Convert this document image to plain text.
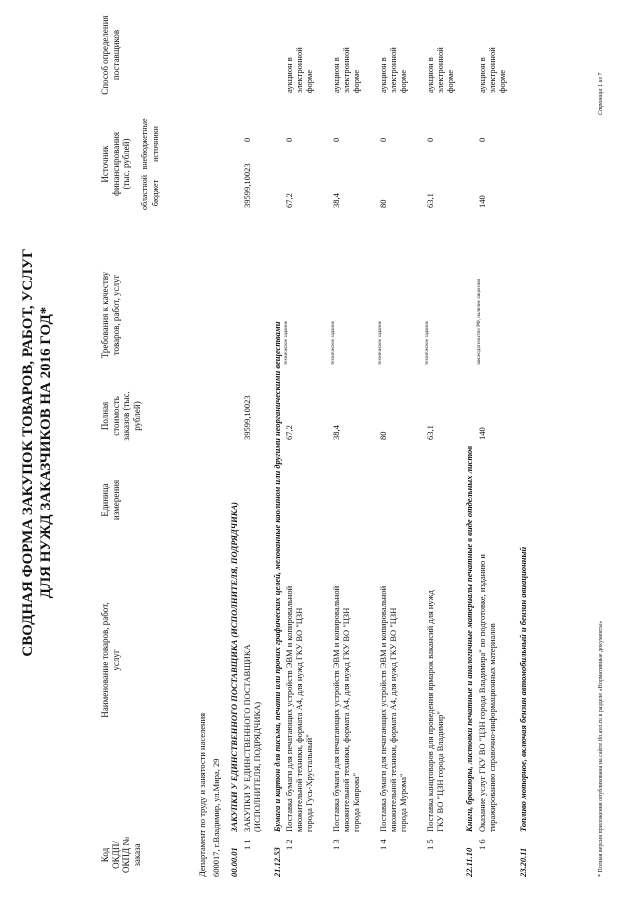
СВОДНАЯ ФОРМА ЗАКУПОК ТОВАРОВ, РАБОТ, УСЛУГ ДЛЯ НУЖД ЗАКАЗЧИКОВ НА 2016 ГОД*
Код ОКДП/ ОКПД № заказа
Наименование товаров, работ, услуг
Единица измерения
Полная стоимость заказов (тыс. рублей)
Требования к качеству товаров, работ, услуг
Источник финансирования (тыс. рублей)
областной бюджет
внебюджетные источники
Способ определения поставщиков
Департамент по труду и занятости населения 600017, г.Владимир, ул.Мира, 29 00.00.01
ЗАКУПКИ У ЕДИНСТВЕННОГО ПОСТАВЩИКА (ИСПОЛНИТЕЛЯ, ПОДРЯДЧИКА)
1 1
ЗАКУПКИ У ЕДИНСТВЕННОГО ПОСТАВЩИКА (ИСПОЛНИТЕЛЯ, ПОДРЯДЧИКА)
39599,10023
39599,10023
0
21.12.53
Бумага и картон для письма, печати или прочих графических целей, мелованные каолином или другими неорганическими веществами
1 2
Поставка бумаги для печатающих устройств ЭВМ и копировальной множительной техники, формата А4, для нужд ГКУ ВО "ЦЗН города Гусь-Хрустальный"
67,2
техническое задание
67,2
0
аукцион в электронной форме
1 3
Поставка бумаги для печатающих устройств ЭВМ и копировальной множительной техники, формата А4, для нужд ГКУ ВО "ЦЗН города Коврова"
38,4
техническое задание
38,4
0
аукцион в электронной форме
1 4
Поставка бумаги для печатающих устройств ЭВМ и копировальной множительной техники, формата А4, для нужд ГКУ ВО "ЦЗН города Мурома"
80
техническое задание
80
0
аукцион в электронной форме
1 5
Поставка канцтоваров для проведения ярмарок вакансий для нужд ГКУ ВО "ЦЗН города Владимир"
63,1
техническое задание
63,1
0
аукцион в электронной форме
22.11.10
Книги, брошюры, листовки печатные и аналогичные материалы печатные в виде отдельных листов
1 6
Оказание услуг ГКУ ВО "ЦЗН города Владимира" по подготовке, изданию и тиражированию справочно-информационных материалов
140
законодательство РФ, наличие лицензии
140
0
аукцион в электронной форме
23.20.11
Топливо моторное, включая бензин автомобильный и бензин авиационный	* Полная версия приложения опубликована на сайте ifo.avo.ru в разделе «Нормативные документы»
Страница 1 из 7
